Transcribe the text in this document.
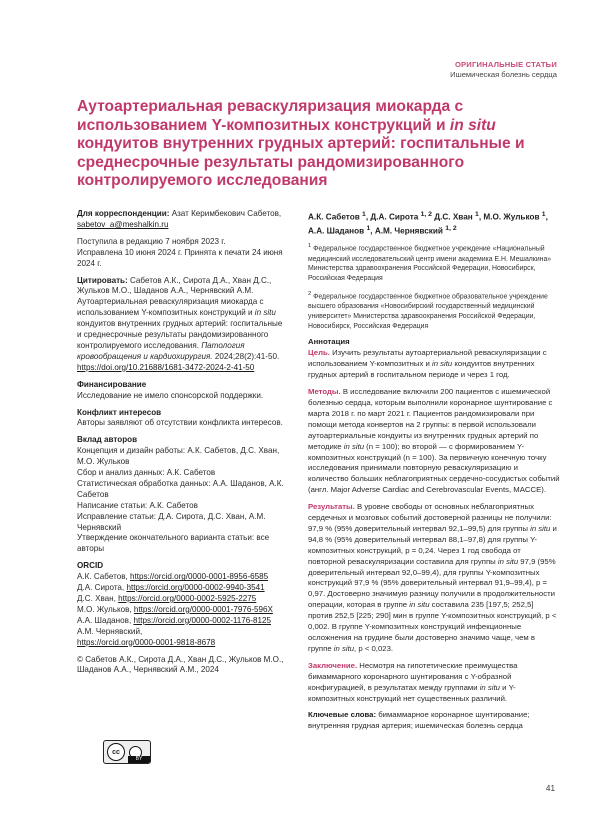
ОРИГИНАЛЬНЫЕ СТАТЬИ
Ишемическая болезнь сердца
Аутоартериальная реваскуляризация миокарда с использованием Y-композитных конструкций и in situ кондуитов внутренних грудных артерий: госпитальные и среднесрочные результаты рандомизированного контролируемого исследования

Для корреспонденции: Азат Керимбекович Сабетов, sabetov_a@meshalkin.ru

Поступила в редакцию 7 ноября 2023 г.
Исправлена 10 июня 2024 г. Принята к печати 24 июня 2024 г.

Цитировать: Сабетов А.К., Сирота Д.А., Хван Д.С., Жульков М.О., Шаданов А.А., Чернявский А.М. Аутоартериальная реваскуляризация миокарда с использованием Y-композитных конструкций и in situ кондуитов внутренних грудных артерий: госпитальные и среднесрочные результаты рандомизированного контролируемого исследования. Патология кровообращения и кардиохирургия. 2024;28(2):41-50.
https://doi.org/10.21688/1681-3472-2024-2-41-50

Финансирование

Исследование не имело спонсорской поддержки.

Конфликт интересов

Авторы заявляют об отсутствии конфликта интересов.

Вклад авторов

Концепция и дизайн работы: А.К. Сабетов, Д.С. Хван, М.О. Жульков

Сбор и анализ данных: А.К. Сабетов

Статистическая обработка данных: А.А. Шаданов, А.К. Сабетов

Написание статьи: А.К. Сабетов

Исправление статьи: Д.А. Сирота, Д.С. Хван, А.М. Чернявский

Утверждение окончательного варианта статьи: все авторы

ORCID

А.К. Сабетов, https://orcid.org/0000-0001-8956-6585

Д.А. Сирота, https://orcid.org/0000-0002-9940-3541

Д.С. Хван, https://orcid.org/0000-0002-5925-2275

М.О. Жульков, https://orcid.org/0000-0001-7976-596X

А.А. Шаданов, https://orcid.org/0000-0002-1176-8125

А.М. Чернявский,
https://orcid.org/0000-0001-9818-8678

© Сабетов А.К., Сирота Д.А., Хван Д.С., Жульков М.О., Шаданов А.А., Чернявский А.М., 2024

cc
BY

А.К. Сабетов $^1$, Д.А. Сирота $^{1, 2}$ Д.С. Хван $^1$, М.О. Жульков $^1$, А.А. Шаданов $^1$, А.М. Чернявский $^{1, 2}$

$^1$ Федеральное государственное бюджетное учреждение «Национальный медицинский исследовательский центр имени академика Е.Н. Мешалкина» Министерства здравоохранения Российской Федерации, Новосибирск, Российская Федерация

$^2$ Федеральное государственное бюджетное образовательное учреждение высшего образования «Новосибирский государственный медицинский университет» Министерства здравоохранения Российской Федерации, Новосибирск, Российская Федерация

Аннотация

Цель. Изучить результаты аутоартериальной реваскуляризации с использованием Y-композитных и in situ кондуитов внутренних грудных артерий в госпитальном периоде и через 1 год.

Методы. В исследование включили 200 пациентов с ишемической болезнью сердца, которым выполнили коронарное шунтирование с марта 2018 г. по март 2021 г. Пациентов рандомизировали при помощи метода конвертов на 2 группы: в первой использовали аутоартериальные кондуиты из внутренних грудных артерий по методике in situ (n = 100); во второй — с формированием Y-композитных конструкций (n = 100). За первичную конечную точку исследования принимали повторную реваскуляризацию и количество больших неблагоприятных сердечно-сосудистых событий (англ. Major Adverse Cardiac and Cerebrovascular Events, MACCE).

Результаты. В уровне свободы от основных неблагоприятных сердечных и мозговых событий достоверной разницы не получили: 97,9 % (95% доверительный интервал 92,1–99,5) для группы in situ и 94,8 % (95% доверительный интервал 88,1–97,8) для группы Y-композитных конструкций, p = 0,24. Через 1 год свобода от повторной реваскуляризации составила для группы in situ 97,9 (95% доверительный интервал 92,0–99,4), для группы Y-композитных конструкций 97,9 % (95% доверительный интервал 91,9–99,4), p = 0,97. Достоверно значимую разницу получили в продолжительности операции, которая в группе in situ составила 235 [197,5; 252,5] против 252,5 [225; 290] мин в группе Y-композитных конструкций, p < 0,002. В группе Y-композитных конструкций инфекционные осложнения на грудине были достоверно значимо чаще, чем в группе in situ, p < 0,023.

Заключение. Несмотря на гипотетические преимущества бимаммарного коронарного шунтирования с Y-образной конфигурацией, в результатах между группами in situ и Y-композитных конструкций нет существенных различий.

Ключевые слова: бимаммарное коронарное шунтирование; внутренняя грудная артерия; ишемическая болезнь сердца

41
